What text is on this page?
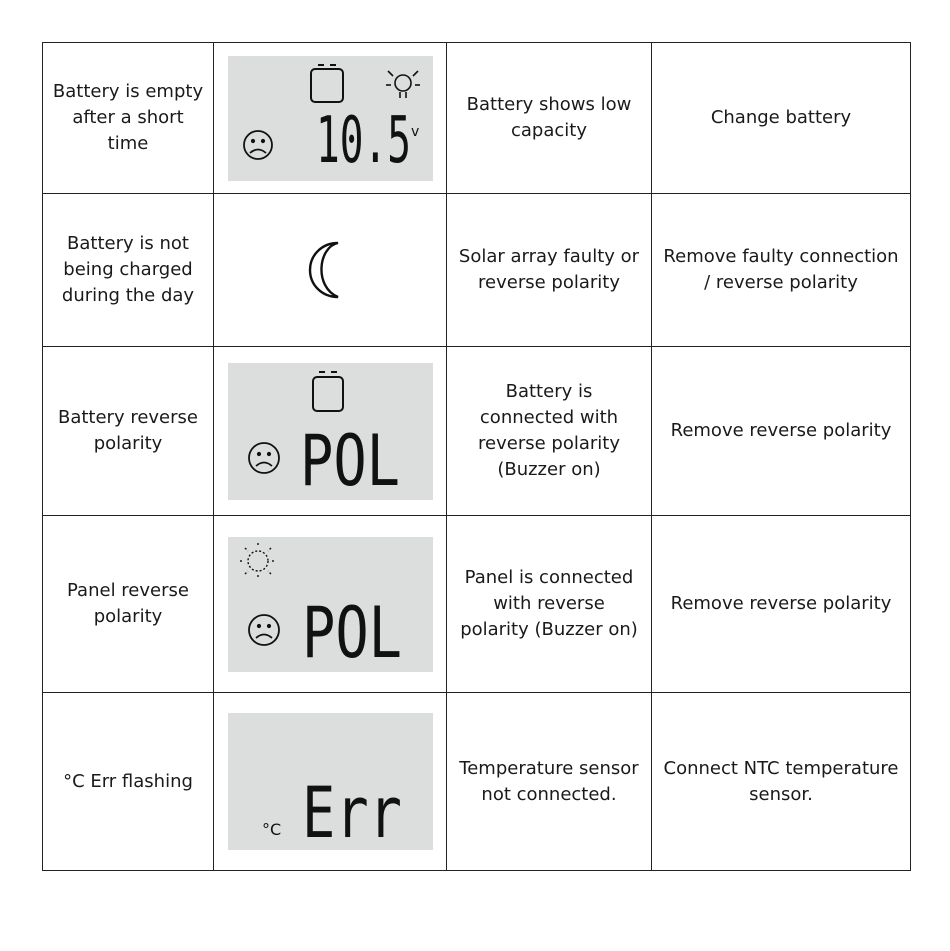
Battery is empty
after a short
time	10.5 v	Battery shows low
capacity	Change battery

Battery is not
being charged
during the day		Solar array faulty or
reverse polarity	Remove faulty connection
/ reverse polarity

Battery reverse
polarity	POL	Battery is
connected with
reverse polarity
(Buzzer on)	Remove reverse polarity

Panel reverse
polarity	POL	Panel is connected
with reverse
polarity (Buzzer on)	Remove reverse polarity

°C Err flashing	°C Err	Temperature sensor
not connected.	Connect NTC temperature
sensor.
